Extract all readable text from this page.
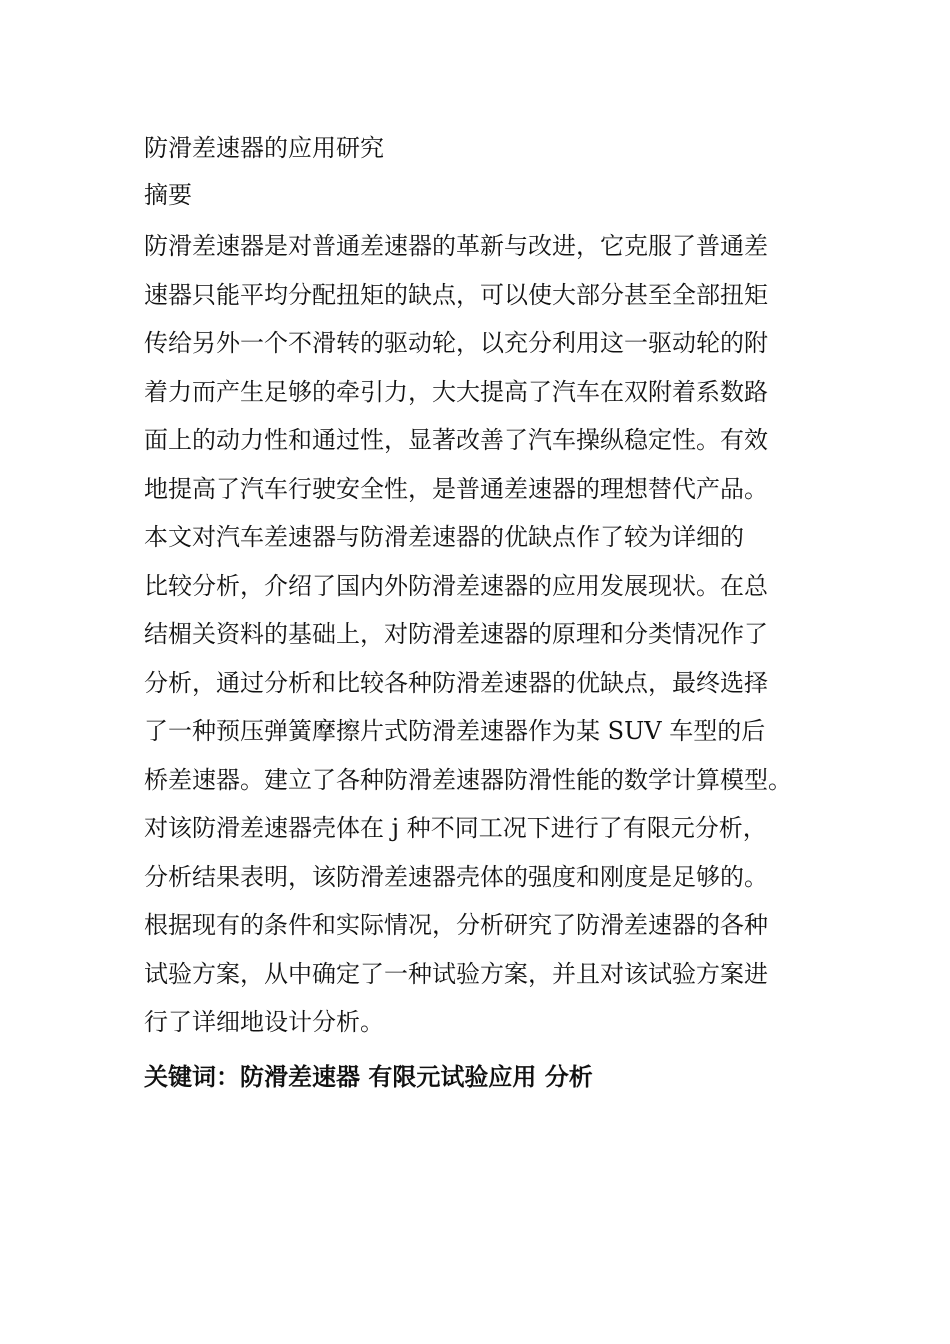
防滑差速器的应用研究
摘要
防滑差速器是对普通差速器的革新与改进，它克服了普通差
速器只能平均分配扭矩的缺点，可以使大部分甚至全部扭矩
传给另外一个不滑转的驱动轮，以充分利用这一驱动轮的附
着力而产生足够的牵引力，大大提高了汽车在双附着系数路
面上的动力性和通过性，显著改善了汽车操纵稳定性。有效
地提高了汽车行驶安全性，是普通差速器的理想替代产品。
本文对汽车差速器与防滑差速器的优缺点作了较为详细的
比较分析，介绍了国内外防滑差速器的应用发展现状。在总
结楣关资料的基础上，对防滑差速器的原理和分类情况作了
分析，通过分析和比较各种防滑差速器的优缺点，最终选择
了一种预压弹簧摩擦片式防滑差速器作为某 SUV 车型的后
桥差速器。建立了各种防滑差速器防滑性能的数学计算模型。
对该防滑差速器壳体在 j 种不同工况下进行了有限元分析，
分析结果表明，该防滑差速器壳体的强度和刚度是足够的。
根据现有的条件和实际情况，分析研究了防滑差速器的各种
试验方案，从中确定了一种试验方案，并且对该试验方案进
行了详细地设计分析。
关键词：防滑差速器 有限元试验应用 分析
